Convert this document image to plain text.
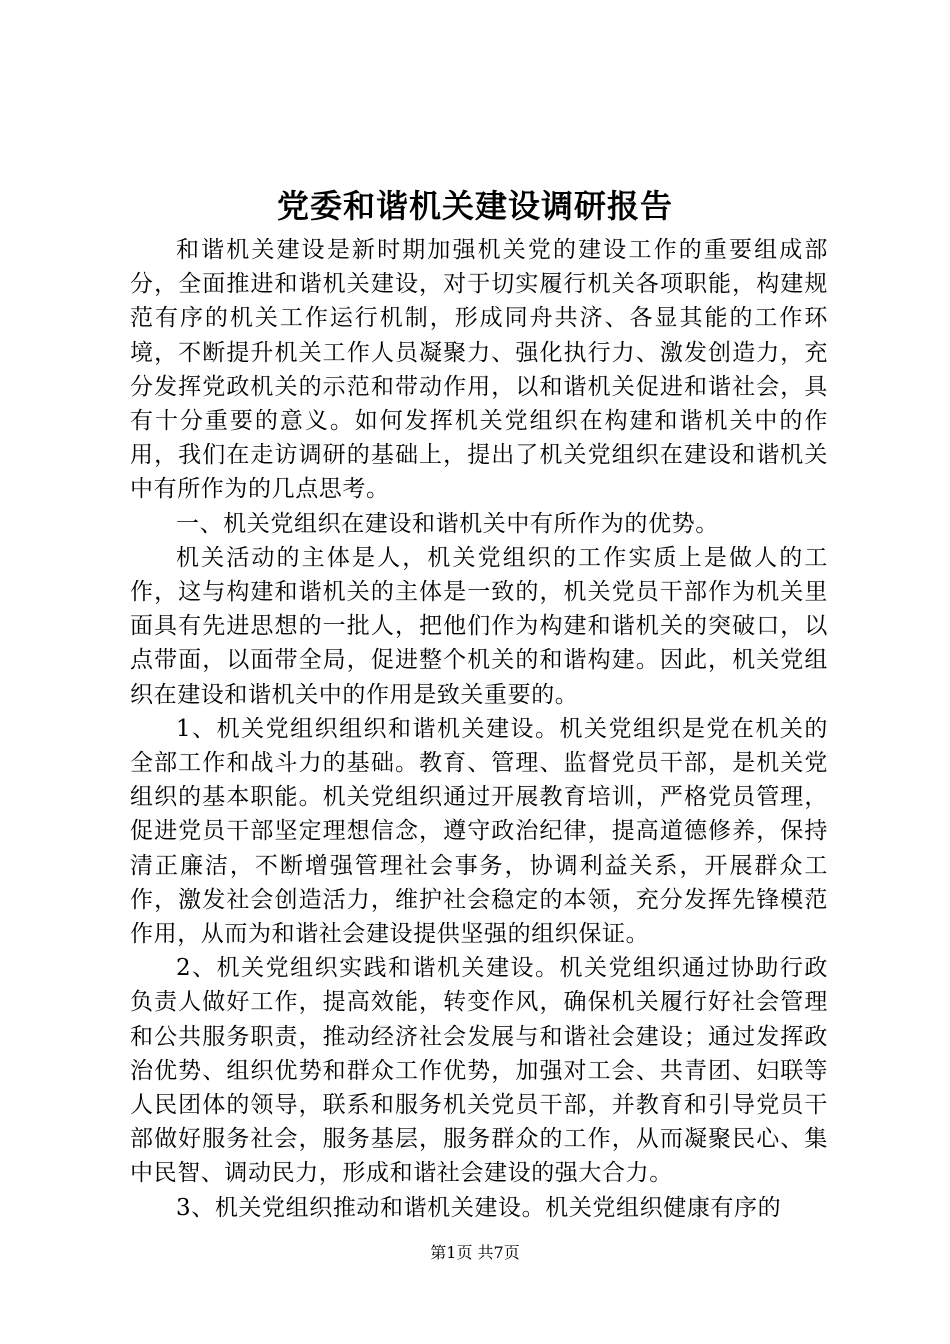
党委和谐机关建设调研报告

和谐机关建设是新时期加强机关党的建设工作的重要组成部分，全面推进和谐机关建设，对于切实履行机关各项职能，构建规范有序的机关工作运行机制，形成同舟共济、各显其能的工作环境，不断提升机关工作人员凝聚力、强化执行力、激发创造力，充分发挥党政机关的示范和带动作用，以和谐机关促进和谐社会，具有十分重要的意义。如何发挥机关党组织在构建和谐机关中的作用，我们在走访调研的基础上，提出了机关党组织在建设和谐机关中有所作为的几点思考。

一、机关党组织在建设和谐机关中有所作为的优势。

机关活动的主体是人，机关党组织的工作实质上是做人的工作，这与构建和谐机关的主体是一致的，机关党员干部作为机关里面具有先进思想的一批人，把他们作为构建和谐机关的突破口，以点带面，以面带全局，促进整个机关的和谐构建。因此，机关党组织在建设和谐机关中的作用是致关重要的。

1、机关党组织组织和谐机关建设。机关党组织是党在机关的全部工作和战斗力的基础。教育、管理、监督党员干部，是机关党组织的基本职能。机关党组织通过开展教育培训，严格党员管理，促进党员干部坚定理想信念，遵守政治纪律，提高道德修养，保持清正廉洁，不断增强管理社会事务，协调利益关系，开展群众工作，激发社会创造活力，维护社会稳定的本领，充分发挥先锋模范作用，从而为和谐社会建设提供坚强的组织保证。

2、机关党组织实践和谐机关建设。机关党组织通过协助行政负责人做好工作，提高效能，转变作风，确保机关履行好社会管理和公共服务职责，推动经济社会发展与和谐社会建设；通过发挥政治优势、组织优势和群众工作优势，加强对工会、共青团、妇联等人民团体的领导，联系和服务机关党员干部，并教育和引导党员干部做好服务社会，服务基层，服务群众的工作，从而凝聚民心、集中民智、调动民力，形成和谐社会建设的强大合力。

3、机关党组织推动和谐机关建设。机关党组织健康有序的

第1页 共7页
